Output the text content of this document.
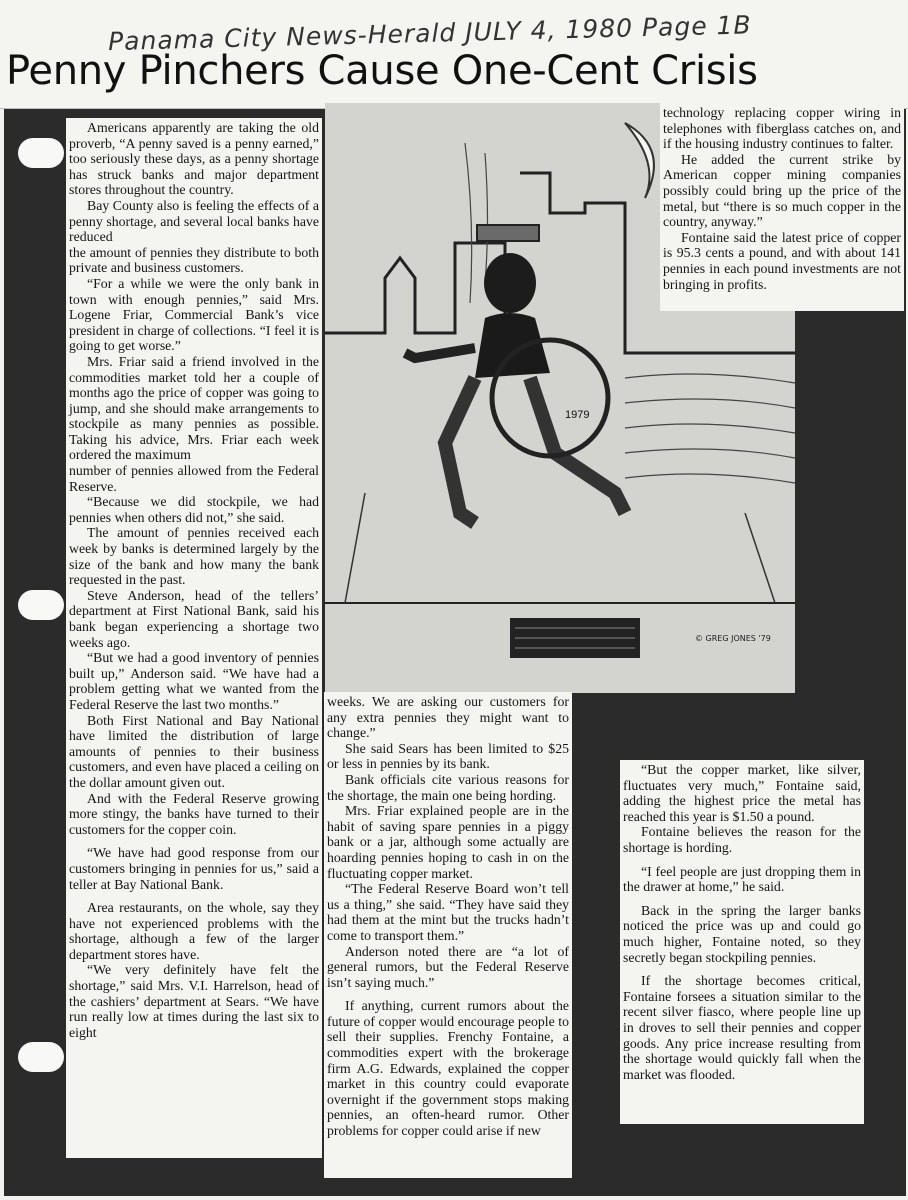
Panama City News-Herald JULY 4, 1980 Page 1B
Penny Pinchers Cause One-Cent Crisis

Americans apparently are taking the old proverb, “A penny saved is a penny earned,” too seriously these days, as a penny shortage has struck banks and major department stores throughout the country.

Bay County also is feeling the effects of a penny shortage, and several local banks have reduced

the amount of pennies they distribute to both private and business customers.

“For a while we were the only bank in town with enough pennies,” said Mrs. Logene Friar, Commercial Bank’s vice president in charge of collections. “I feel it is going to get worse.”

Mrs. Friar said a friend involved in the commodities market told her a couple of months ago the price of copper was going to jump, and she should make arrangements to stockpile as many pennies as possible. Taking his advice, Mrs. Friar each week ordered the maximum

number of pennies allowed from the Federal Reserve.

“Because we did stockpile, we had pennies when others did not,” she said.

The amount of pennies received each week by banks is determined largely by the size of the bank and how many the bank requested in the past.

Steve Anderson, head of the tellers’ department at First National Bank, said his bank began experiencing a shortage two weeks ago.

“But we had a good inventory of pennies built up,” Anderson said. “We have had a problem getting what we wanted from the Federal Reserve the last two months.”

Both First National and Bay National have limited the distribution of large amounts of pennies to their business customers, and even have placed a ceiling on the dollar amount given out.

And with the Federal Reserve growing more stingy, the banks have turned to their customers for the copper coin.

“We have had good response from our customers bringing in pennies for us,” said a teller at Bay National Bank.

Area restaurants, on the whole, say they have not experienced problems with the shortage, although a few of the larger department stores have.

“We very definitely have felt the shortage,” said Mrs. V.I. Harrelson, head of the cashiers’ department at Sears. “We have run really low at times during the last six to eight

1979
© GREG JONES '79

weeks. We are asking our customers for any extra pennies they might want to change.”

She said Sears has been limited to $25 or less in pennies by its bank.

Bank officials cite various reasons for the shortage, the main one being hording.

Mrs. Friar explained people are in the habit of saving spare pennies in a piggy bank or a jar, although some actually are hoarding pennies hoping to cash in on the fluctuating copper market.

“The Federal Reserve Board won’t tell us a thing,” she said. “They have said they had them at the mint but the trucks hadn’t come to transport them.”

Anderson noted there are “a lot of general rumors, but the Federal Reserve isn’t saying much.”

If anything, current rumors about the future of copper would encourage people to sell their supplies. Frenchy Fontaine, a commodities expert with the brokerage firm A.G. Edwards, explained the copper market in this country could evaporate overnight if the government stops making pennies, an often-heard rumor. Other problems for copper could arise if new

technology replacing copper wiring in telephones with fiberglass catches on, and if the housing industry continues to falter.

He added the current strike by American copper mining companies possibly could bring up the price of the metal, but “there is so much copper in the country, anyway.”

Fontaine said the latest price of copper is 95.3 cents a pound, and with about 141 pennies in each pound investments are not bringing in profits.

“But the copper market, like silver, fluctuates very much,” Fontaine said, adding the highest price the metal has reached this year is $1.50 a pound.

Fontaine believes the reason for the shortage is hording.

“I feel people are just dropping them in the drawer at home,” he said.

Back in the spring the larger banks noticed the price was up and could go much higher, Fontaine noted, so they secretly began stockpiling pennies.

If the shortage becomes critical, Fontaine forsees a situation similar to the recent silver fiasco, where people line up in droves to sell their pennies and copper goods. Any price increase resulting from the shortage would quickly fall when the market was flooded.
